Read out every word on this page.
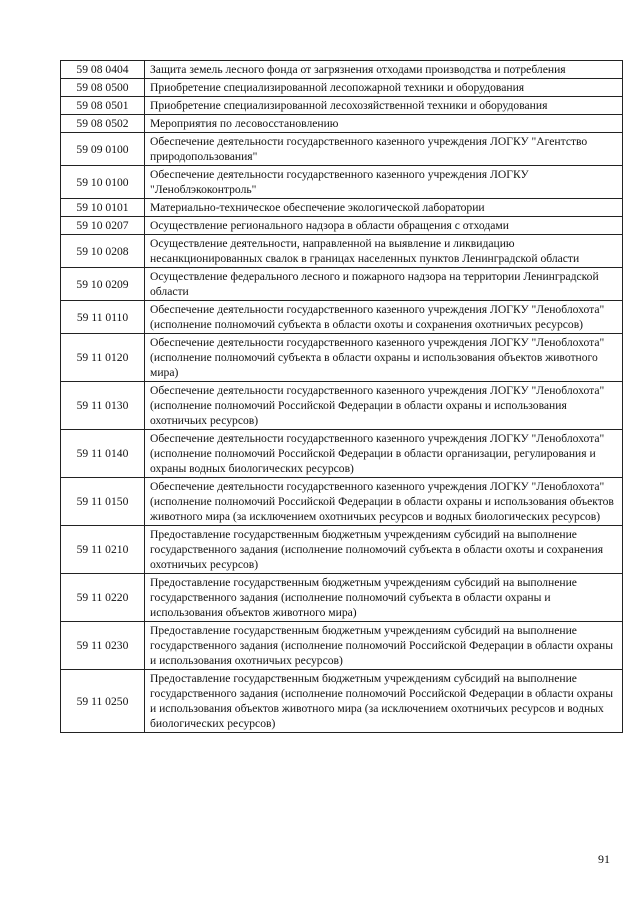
59 08 0404	Защита земель лесного фонда от загрязнения отходами производства и потребления
59 08 0500	Приобретение специализированной лесопожарной техники и оборудования
59 08 0501	Приобретение специализированной лесохозяйственной техники и оборудования
59 08 0502	Мероприятия по лесовосстановлению
59 09 0100	Обеспечение деятельности государственного казенного учреждения ЛОГКУ "Агентство природопользования"
59 10 0100	Обеспечение деятельности государственного казенного учреждения ЛОГКУ "Леноблэкоконтроль"
59 10 0101	Материально-техническое обеспечение экологической лаборатории
59 10 0207	Осуществление регионального надзора в области обращения с отходами
59 10 0208	Осуществление деятельности, направленной на выявление и ликвидацию несанкционированных свалок в границах населенных пунктов Ленинградской области
59 10 0209	Осуществление федерального лесного и пожарного надзора на территории Ленинградской области
59 11 0110	Обеспечение деятельности государственного казенного учреждения ЛОГКУ "Леноблохота" (исполнение полномочий субъекта в области охоты и сохранения охотничьих ресурсов)
59 11 0120	Обеспечение деятельности государственного казенного учреждения ЛОГКУ "Леноблохота" (исполнение полномочий субъекта в области охраны и использования объектов животного мира)
59 11 0130	Обеспечение деятельности государственного казенного учреждения ЛОГКУ "Леноблохота" (исполнение полномочий Российской Федерации в области охраны и использования охотничьих ресурсов)
59 11 0140	Обеспечение деятельности государственного казенного учреждения ЛОГКУ "Леноблохота" (исполнение полномочий Российской Федерации в области организации, регулирования и охраны водных биологических ресурсов)
59 11 0150	Обеспечение деятельности государственного казенного учреждения ЛОГКУ "Леноблохота" (исполнение полномочий Российской Федерации в области охраны и использования объектов животного мира (за исключением охотничьих ресурсов и водных биологических ресурсов)
59 11 0210	Предоставление государственным бюджетным учреждениям субсидий на выполнение государственного задания (исполнение полномочий субъекта в области охоты и сохранения охотничьих ресурсов)
59 11 0220	Предоставление государственным бюджетным учреждениям субсидий на выполнение государственного задания (исполнение полномочий субъекта в области охраны и использования объектов животного мира)
59 11 0230	Предоставление государственным бюджетным учреждениям субсидий на выполнение государственного задания (исполнение полномочий Российской Федерации в области охраны и использования охотничьих ресурсов)
59 11 0250	Предоставление государственным бюджетным учреждениям субсидий на выполнение государственного задания (исполнение полномочий Российской Федерации в области охраны и использования объектов животного мира (за исключением охотничьих ресурсов и водных биологических ресурсов)
91
